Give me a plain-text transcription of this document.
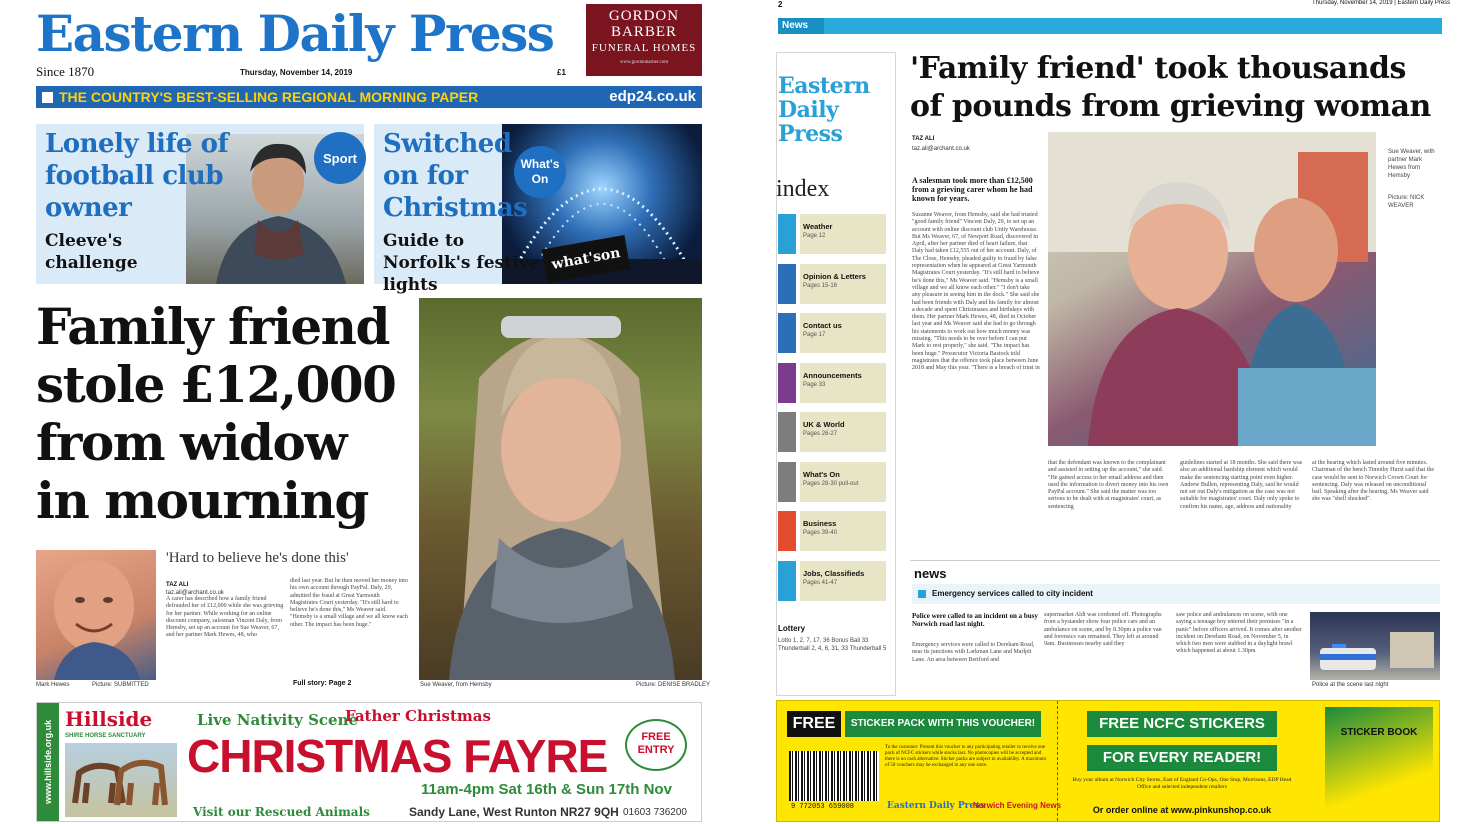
Eastern Daily Press
Since 1870	Thursday, November 14, 2019	£1
GORDON
BARBER
FUNERAL HOMES
www.gordonbarber.com
THE COUNTRY'S BEST-SELLING REGIONAL MORNING PAPER	edp24.co.uk
Lonely life of football club owner
Cleeve's challenge
Sport	Switched on for Christmas
Guide to Norfolk's festive lights
What's On
what'son
Family friend stole £12,000 from widow in mourning
'Hard to believe he's done this'
Mark Hewes	Picture: SUBMITTED
TAZ ALI
taz.ali@archant.co.uk
A carer has described how a family friend defrauded her of £12,000 while she was grieving for her partner. While working for an online discount company, salesman Vincent Daly, from Hemsby, set up an account for Sue Weaver, 67, and her partner Mark Hewes, 48, who
died last year. But he then moved her money into his own account through PayPal. Daly, 29, admitted the fraud at Great Yarmouth Magistrates Court yesterday. "It's still hard to believe he's done this," Ms Weaver said. "Hemsby is a small village and we all know each other. The impact has been huge."
Full story: Page 2	Sue Weaver, from Hemsby	Picture: DENISE BRADLEY
www.hillside.org.uk
Hillside
SHIRE HORSE SANCTUARY
Live Nativity Scene
Father Christmas
CHRISTMAS FAYRE	FREE ENTRY
11am-4pm Sat 16th & Sun 17th Nov
Visit our Rescued Animals	Sandy Lane, West Runton NR27 9QH 01603 736200
2	Thursday, November 14, 2019 | Eastern Daily Press
News
Eastern Daily Press
index
Weather
Page 12
Opinion & Letters
Pages 15-16
Contact us
Page 17
Announcements
Page 33
UK & World
Pages 26-27
What's On
Pages 28-30 pull-out
Business
Pages 39-40
Jobs, Classifieds
Pages 41-47
Lottery
Lotto 1, 2, 7, 17, 36 Bonus Ball 33 Thunderball 2, 4, 6, 31, 33 Thunderball 5
'Family friend' took thousands of pounds from grieving woman
TAZ ALI
taz.ali@archant.co.uk
A salesman took more than £12,500 from a grieving carer whom he had known for years.
Suzanne Weaver, from Hemsby, said she had trusted "good family friend" Vincent Daly, 29, to set up an account with online discount club Unity Warehouse. But Ms Weaver, 67, of Newport Road, discovered in April, after her partner died of heart failure, that Daly had taken £12,555 out of her account. Daly, of The Close, Hemsby, pleaded guilty to fraud by false representation when he appeared at Great Yarmouth Magistrates Court yesterday. "It's still hard to believe he's done this," Ms Weaver said. "Hemsby is a small village and we all know each other." "I don't take any pleasure in seeing him in the dock." She said she had been friends with Daly and his family for almost a decade and spent Christmases and birthdays with them. Her partner Mark Hewes, 48, died in October last year and Ms Weaver said she had to go through his statements to work out how much money was missing. "This needs to be over before I can put Mark to rest properly," she said. "The impact has been huge." Prosecutor Victoria Bastock told magistrates that the offence took place between June 2018 and May this year. "There is a breach of trust in
Sue Weaver, with partner Mark Hewes from Hemsby
Picture: NICK WEAVER
that the defendant was known to the complainant and assisted in setting up the account," she said. "He gained access to her email address and then used the information to divert money into his own PayPal account." She said the matter was too serious to be dealt with at magistrates' court, as sentencing
guidelines started at 18 months. She said there was also an additional hardship element which would make the sentencing starting point even higher. Andrew Bullen, representing Daly, said he would not set out Daly's mitigation as the case was not suitable for magistrates' court. Daly only spoke to confirm his name, age, address and nationality
at the hearing which lasted around five minutes. Chairman of the bench Timothy Hurst said that the case would be sent to Norwich Crown Court for sentencing. Daly was released on unconditional bail. Speaking after the hearing, Ms Weaver said she was "shell shocked".
news
Emergency services called to city incident
Police were called to an incident on a busy Norwich road last night.
Emergency services were called to Dereham Road, near its junctions with Larkman Lane and Marlpit Lane. An area between Bertford and
supermarket Aldi was cordoned off. Photographs from a bystander show four police cars and an ambulance on scene, and by 8.30pm a police van and forensics van remained. They left at around 9am. Businesses nearby said they
saw police and ambulances on scene, with one saying a teenage boy entered their premises "in a panic" before officers arrived. It comes after another incident on Dereham Road, on November 5, in which two men were stabbed in a daylight brawl which happened at about 1.30pm
Police at the scene last night
FREE	STICKER PACK WITH THIS VOUCHER!
To the customer: Present this voucher to any participating retailer to receive one pack of NCFC stickers while stocks last. No photocopies will be accepted and there is no cash alternative. Sticker packs are subject to availability. A maximum of 50 vouchers may be exchanged in any one store.
9 772053 659008	Eastern Daily Press
Norwich Evening News
FREE NCFC STICKERS
FOR EVERY READER!
Buy your album at Norwich City Stores, East of England Co-Ops, One Stop, Morrisons, EDP Head Office and selected independent retailers
Or order online at www.pinkunshop.co.uk
STICKER BOOK
